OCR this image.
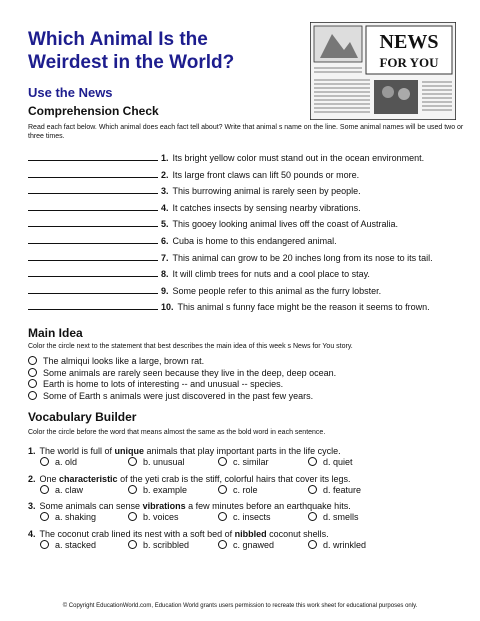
Which Animal Is the
Weirdest in the World?
NEWS
FOR YOU
Use the News
Comprehension Check
Read each fact below. Which animal does each fact tell about? Write that animal s name on the line. Some animal names will be used two or three times.
1. Its bright yellow color must stand out in the ocean environment.
2. Its large front claws can lift 50 pounds or more.
3. This burrowing animal is rarely seen by people.
4. It catches insects by sensing nearby vibrations.
5. This gooey looking animal lives off the coast of Australia.
6. Cuba is home to this endangered animal.
7. This animal can grow to be 20 inches long from its nose to its tail.
8. It will climb trees for nuts and a cool place to stay.
9. Some people refer to this animal as the furry lobster.
10. This animal s funny face might be the reason it seems to frown.
Main Idea
Color the circle next to the statement that best describes the main idea of this week s News for You story.
The almiqui looks like a large, brown rat.
Some animals are rarely seen because they live in the deep, deep ocean.
Earth is home to lots of interesting -- and unusual -- species.
Some of Earth s animals were just discovered in the past few years.
Vocabulary Builder
Color the circle before the word that means almost the same as the bold word in each sentence.
1. The world is full of unique animals that play important parts in the life cycle.
a. old	b. unusual	c. similar	d. quiet
2. One characteristic of the yeti crab is the stiff, colorful hairs that cover its legs.
a. claw	b. example	c. role	d. feature
3. Some animals can sense vibrations a few minutes before an earthquake hits.
a. shaking	b. voices	c. insects	d. smells
4. The coconut crab lined its nest with a soft bed of nibbled coconut shells.
a. stacked	b. scribbled	c. gnawed	d. wrinkled
© Copyright EducationWorld.com, Education World grants users permission to recreate this work sheet for educational purposes only.
